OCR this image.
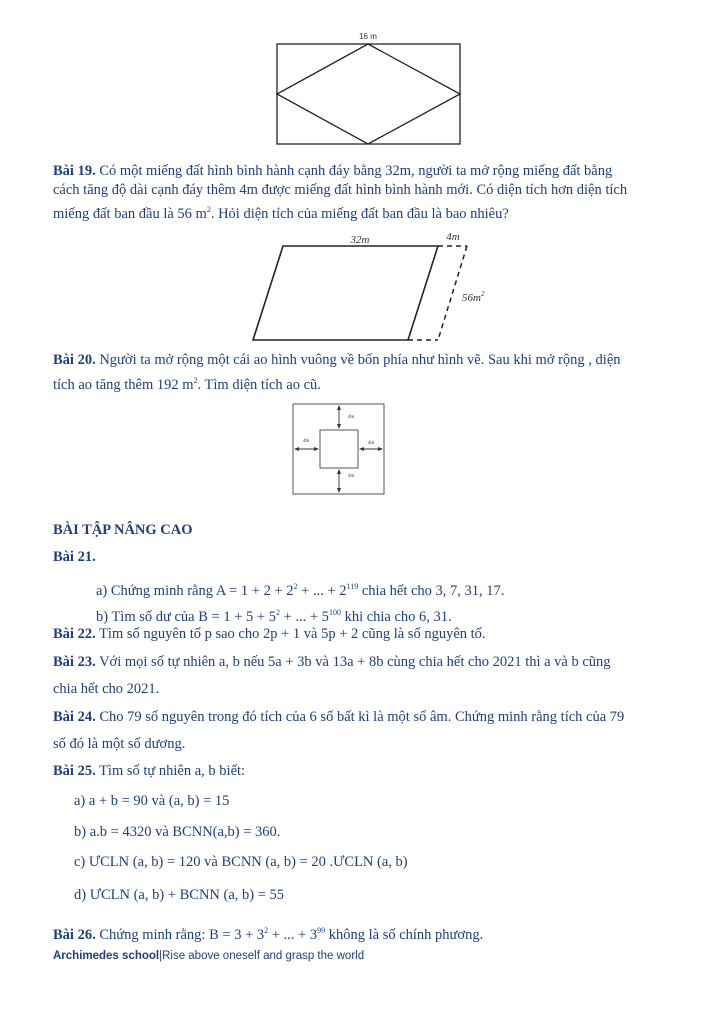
16 m
Bài 19. Có một miếng đất hình bình hành cạnh đáy bằng 32m, người ta mở rộng miếng đất bằng
cách tăng độ dài cạnh đáy thêm 4m được miếng đất hình bình hành mới. Có diện tích hơn diện tích
miếng đất ban đầu là 56 $m^2$. Hỏi diện tích của miếng đất ban đầu là bao nhiêu?
32m	4m
$56m^2$
Bài 20. Người ta mở rộng một cái ao hình vuông về bốn phía như hình vẽ. Sau khi mở rộng , diện
tích ao tăng thêm 192 $m^2$. Tìm diện tích ao cũ.
4m
4m	4m
4m
BÀI TẬP NÂNG CAO
Bài 21.
a) Chứng minh rằng $A = 1 + 2 + 2^2$ + ... + $2^{119}$ chia hết cho 3, 7, 31, 17.
b) Tìm số dư của $B = 1 + 5 + 5^2$ + ... + $5^{100}$ khi chia cho 6, 31.
Bài 22. Tìm số nguyên tố p sao cho 2p + 1 và 5p + 2 cũng là số nguyên tố.
Bài 23. Với mọi số tự nhiên a, b nếu 5a + 3b và 13a + 8b cùng chia hết cho 2021 thì a và b cũng
chia hết cho 2021.
Bài 24. Cho 79 số nguyên trong đó tích của 6 số bất kì là một số âm. Chứng minh rằng tích của 79
số đó là một số dương.
Bài 25. Tìm số tự nhiên a, b biết:
a) a + b = 90 và (a, b) = 15
b) a.b = 4320 và BCNN(a,b) = 360.
c) ƯCLN (a, b) = 120 và BCNN (a, b) = 20 .ƯCLN (a, b)
d) ƯCLN (a, b) + BCNN (a, b) = 55
Bài 26. Chứng minh rằng: $B = 3 + 3^2$ + ... + $3^{99}$ không là số chính phương.
Archimedes school|Rise above oneself and grasp the world
